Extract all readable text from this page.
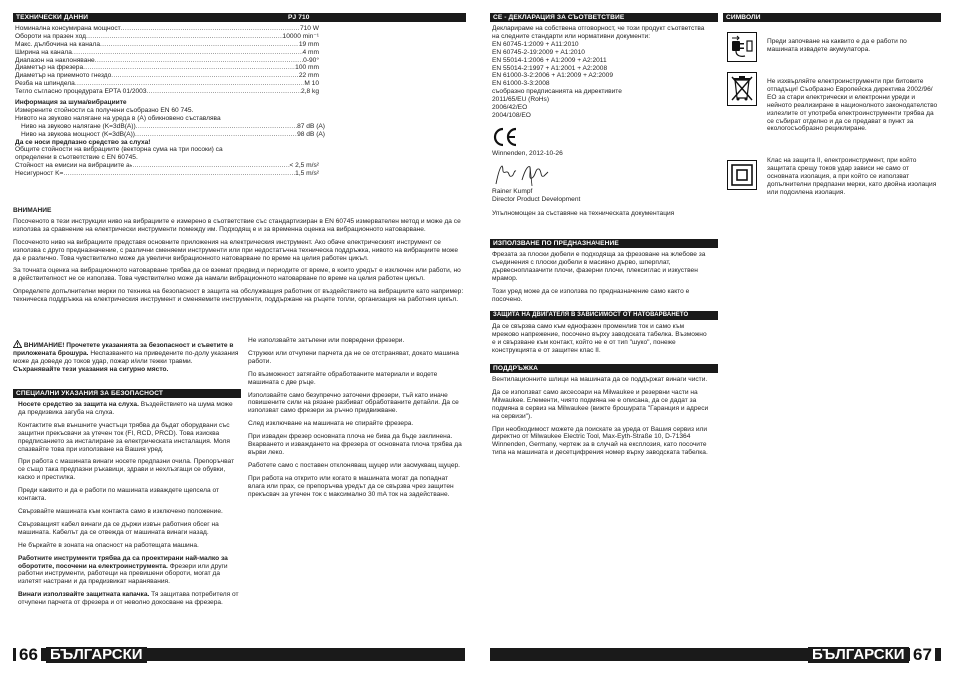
ТЕХНИЧЕСКИ ДАННИ	PJ 710
Номинална консумирана мощност .....	710 W
Обороти на празен ход .....	10000 min⁻¹
Макс. дълбочина на канала .....	19 mm
Ширина на канала .....	4 mm
Диапазон на наклоняване .....	0-90°
Диаметър на фрезера .....	100 mm
Диаметър на приемното гнездо .....	22 mm
Резба на шпиндела .....	M 10
Тегло съгласно процедурата EPTA 01/2003 .....	2,8 kg
Информация за шума/вибрациите
Измерените стойности са получени съобразно EN 60 745.
Нивото на звуково налягане на уреда в (A) обикновено съставлява
Ниво на звуково налягане (K=3dB(A)) .....	87 dB (A)
Ниво на звукова мощност (K=3dB(A)) .....	98 dB (A)
Да се носи предпазно средство за слуха!
Общите стойности на вибрациите (векторна сума на три посоки) са определени в съответствие с EN 60745.
Стойност на емисии на вибрациите aₕ .....	< 2,5 m/s²
Несигурност K= .....	1,5 m/s²
ВНИМАНИЕ

Посоченото в тези инструкции ниво на вибрациите е измерено в съответствие със стандартизиран в EN 60745 измервателен метод и може да се използва за сравнение на електрически инструменти помежду им. Подходящ е и за временна оценка на вибрационното натоварване.

Посоченото ниво на вибрациите представя основните приложения на електрическия инструмент. Ако обаче електрическият инструмент се използва с друго предназначение, с различни сменяеми инструменти или при недостатъчна техническа поддръжка, нивото на вибрациите може да е различно. Това чувствително може да увеличи вибрационното натоварване по време на целия работен цикъл.

За точната оценка на вибрационното натоварване трябва да се вземат предвид и периодите от време, в които уредът е изключен или работи, но в действителност не се използва. Това чувствително може да намали вибрационното натоварване по време на целия работен цикъл.

Определете допълнителни мерки по техника на безопасност в защита на обслужващия работник от въздействието на вибрациите като например: техническа поддръжка на електрическия инструмент и сменяемите инструменти, поддържане на ръцете топли, организация на работния цикъл.

ВНИМАНИЕ! Прочетете указанията за безопасност и съветите в приложената брошура. Неспазването на приведените по-долу указания може да доведе до токов удар, пожар и/или тежки травми.
Съхранявайте тези указания на сигурно място.
СПЕЦИАЛНИ УКАЗАНИЯ ЗА БЕЗОПАСНОСТ

Носете средство за защита на слуха. Въздействието на шума може да предизвика загуба на слуха.

Контактите във външните участъци трябва да бъдат оборудвани със защитни прекъсвачи за утечен ток (FI, RCD, PRCD). Това изисква предписанието за инсталиране за електрическата инсталация. Моля спазвайте това при използване на Вашия уред.

При работа с машината винаги носете предпазни очила. Препоръчват се също така предпазни ръкавици, здрави и нехлъзгащи се обувки, каско и престилка.

Преди каквито и да е работи по машината изваждете щепсела от контакта.

Свързвайте машината към контакта само в изключено положение.

Свързващият кабел винаги да се държи извън работния обсег на машината. Кабелът да се отвежда от машината винаги назад.

Не бъркайте в зоната на опасност на работещата машина.

Работните инструменти трябва да са проектирани най-малко за оборотите, посочени на електроинструмента. Фрезери или други работни инструменти, работещи на превишени обороти, могат да излетят настрани и да предизвикат наранявания.

Винаги използвайте защитната капачка. Тя защитава потребителя от отчупени парчета от фрезера и от неволно докосване на фрезера.

Не използвайте затъпени или повредени фрезери.

Стружки или отчупени парчета да не се отстраняват, докато машина работи.

По възможност затягайте обработваните материали и водете машината с две ръце.

Използвайте само безупречно заточени фрезери, тъй като иначе повишените сили на рязане разбиват обработваните детайли. Да се използват само фрезери за ръчно придвижване.

След изключване на машината не спирайте фрезера.

При изваден фрезер основната плоча не бива да бъде заклинена. Вкарването и изваждането на фрезера от основната плоча трябва да върви леко.

Работете само с поставен отклоняващ щуцер или засмукващ щуцер.

При работа на открито или когато в машината могат да попаднат влага или прах, се препоръчва уредът да се свързва чрез защитен прекъсвач за утечен ток с максимално 30 mA ток на задействане.

66 БЪЛГАРСКИ
CE - ДЕКЛАРАЦИЯ ЗА СЪОТВЕТСТВИЕ
Декларираме на собствена отговорност, че този продукт съответства на следните стандарти или нормативни документи:
EN 60745-1:2009 + A11:2010
EN 60745-2-19:2009 + A1:2010
EN 55014-1:2006 + A1:2009 + A2:2011
EN 55014-2:1997 + A1:2001 + A2:2008
EN 61000-3-2:2006 + A1:2009 + A2:2009
EN 61000-3-3:2008
съобразно предписанията на директивите
2011/65/EU (RoHs)
2006/42/EO
2004/108/EO
Winnenden, 2012-10-26
Rainer Kumpf
Director Product Development
Упълномощен за съставяне на техническата документация
ИЗПОЛЗВАНЕ ПО ПРЕДНАЗНАЧЕНИЕ

Фрезата за плоски дюбели е подходяща за фрезоване на жлебове за съединения с плоски дюбели в масивно дърво, шперплат, дървесноплазачити плочи, фазерни плочи, плексиглас и изкуствен мрамор.

Този уред може да се използва по предназначение само както е посочено.

ЗАЩИТА НА ДВИГАТЕЛЯ В ЗАВИСИМОСТ ОТ НАТОВАРВАНЕТО

Да се свързва само към еднофазен променлив ток и само към мрежово напрежение, посочено върху заводската табелка. Възможно е и свързване към контакт, който не е от тип "шуко", понеже конструкцията е от защитен клас II.

ПОДДРЪЖКА

Вентилационните шлици на машината да се поддържат винаги чисти.

Да се използват само аксесоари на Milwaukee и резервни части на Milwaukee. Елементи, чиято подмяна не е описана, да се дадат за подмяна в сервиз на Milwaukee (вижте брошурата "Гаранция и адреси на сервизи").

При необходимост можете да поискате за уреда от Вашия сервиз или директно от Milwaukee Electric Tool, Max-Eyth-Straße 10, D-71364 Winnenden, Germany, чертеж за в случай на експлозия, като посочите типа на машината и десетцифрения номер върху заводската табелка.

СИМВОЛИ
Преди започване на каквито е да е работи по машината извадете акумулатора.
Не изхвърляйте електроинструменти при битовите отпадъци! Съобразно Европейска директива 2002/96/ЕО за стари електрически и електронни уреди и нейното реализиране в национолното законодателство излезлите от употреба електроинструменти трябва да се събират отделно и да се предават в пункт за екологосъобразно рециклиране.
Клас на защита II, електроинструмент, при който защитата срещу токов удар зависи не само от основната изолация, а при който се използват допълнителни предпазни мерки, като двойна изолация или подсилена изолация.
БЪЛГАРСКИ 67
